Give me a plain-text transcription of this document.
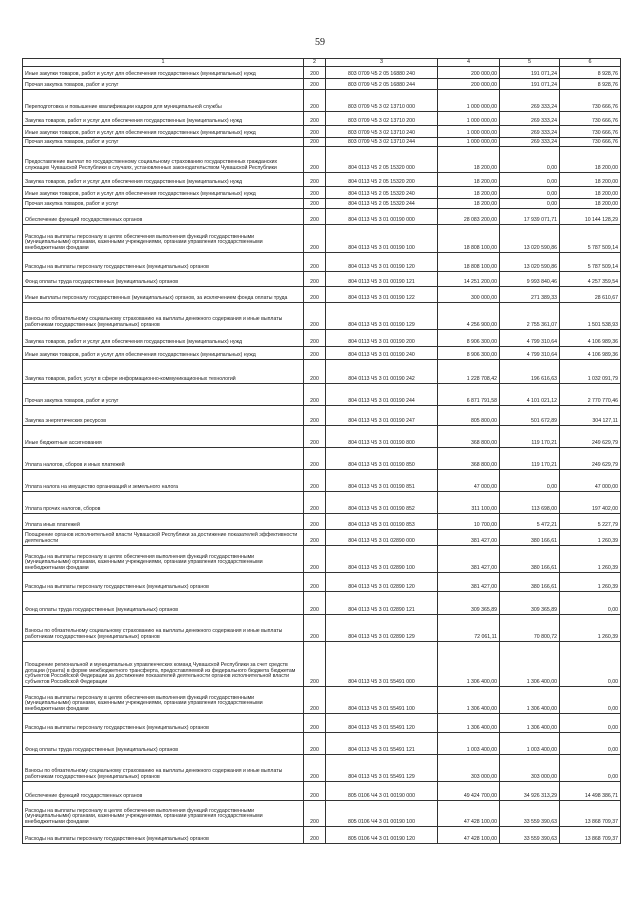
59
1	2	3	4	5	6
Иные закупки товаров, работ и услуг для обеспечения государственных (муниципальных) нужд	200	803 0709 Ч5 2 05 16880 240	200 000,00	191 071,24	8 928,76
Прочая закупка товаров, работ и услуг	200	803 0709 Ч5 2 05 16880 244	200 000,00	191 071,24	8 928,76
Переподготовка и повышение квалификации кадров для муниципальной службы	200	803 0709 Ч5 3 02 13710 000	1 000 000,00	269 333,24	730 666,76
Закупка товаров, работ и услуг для обеспечения государственных (муниципальных) нужд	200	803 0709 Ч5 3 02 13710 200	1 000 000,00	269 333,24	730 666,76
Иные закупки товаров, работ и услуг для обеспечения государственных (муниципальных) нужд	200	803 0709 Ч5 3 02 13710 240	1 000 000,00	269 333,24	730 666,76
Прочая закупка товаров, работ и услуг	200	803 0709 Ч5 3 02 13710 244	1 000 000,00	269 333,24	730 666,76
Предоставление выплат по государственному социальному страхованию государственных гражданских служащих Чувашской Республики в случаях, установленных законодательством Чувашской Республики	200	804 0113 Ч5 2 05 15320 000	18 200,00	0,00	18 200,00
Закупка товаров, работ и услуг для обеспечения государственных (муниципальных) нужд	200	804 0113 Ч5 2 05 15320 200	18 200,00	0,00	18 200,00
Иные закупки товаров, работ и услуг для обеспечения государственных (муниципальных) нужд	200	804 0113 Ч5 2 05 15320 240	18 200,00	0,00	18 200,00
Прочая закупка товаров, работ и услуг	200	804 0113 Ч5 2 05 15320 244	18 200,00	0,00	18 200,00
Обеспечение функций государственных органов	200	804 0113 Ч5 3 01 00190 000	28 083 200,00	17 939 071,71	10 144 128,29
Расходы на выплаты персоналу в целях обеспечения выполнения функций государственными (муниципальными) органами, казенными учреждениями, органами управления государственными внебюджетными фондами	200	804 0113 Ч5 3 01 00190 100	18 808 100,00	13 020 590,86	5 787 509,14
Расходы на выплаты персоналу государственных (муниципальных) органов	200	804 0113 Ч5 3 01 00190 120	18 808 100,00	13 020 590,86	5 787 509,14
Фонд оплаты труда государственных (муниципальных) органов	200	804 0113 Ч5 3 01 00190 121	14 251 200,00	9 993 840,46	4 257 359,54
Иные выплаты персоналу государственных (муниципальных) органов, за исключением фонда оплаты труда	200	804 0113 Ч5 3 01 00190 122	300 000,00	271 389,33	28 610,67
Взносы по обязательному социальному страхованию на выплаты денежного содержания и иные выплаты работникам государственных (муниципальных) органов	200	804 0113 Ч5 3 01 00190 129	4 256 900,00	2 755 361,07	1 501 538,93
Закупка товаров, работ и услуг для обеспечения государственных (муниципальных) нужд	200	804 0113 Ч5 3 01 00190 200	8 906 300,00	4 799 310,64	4 106 989,36
Иные закупки товаров, работ и услуг для обеспечения государственных (муниципальных) нужд	200	804 0113 Ч5 3 01 00190 240	8 906 300,00	4 799 310,64	4 106 989,36
Закупка товаров, работ, услуг в сфере информационно-коммуникационных технологий	200	804 0113 Ч5 3 01 00190 242	1 228 708,42	196 616,63	1 032 091,79
Прочая закупка товаров, работ и услуг	200	804 0113 Ч5 3 01 00190 244	6 871 791,58	4 101 021,12	2 770 770,46
Закупка энергетических ресурсов	200	804 0113 Ч5 3 01 00190 247	805 800,00	501 672,89	304 127,11
Иные бюджетные ассигнования	200	804 0113 Ч5 3 01 00190 800	368 800,00	119 170,21	249 629,79
Уплата налогов, сборов и иных платежей	200	804 0113 Ч5 3 01 00190 850	368 800,00	119 170,21	249 629,79
Уплата налога на имущество организаций и земельного налога	200	804 0113 Ч5 3 01 00190 851	47 000,00	0,00	47 000,00
Уплата прочих налогов, сборов	200	804 0113 Ч5 3 01 00190 852	311 100,00	113 698,00	197 402,00
Уплата иных платежей	200	804 0113 Ч5 3 01 00190 853	10 700,00	5 472,21	5 227,79
Поощрение органов исполнительной власти Чувашской Республики за достижение показателей эффективности деятельности	200	804 0113 Ч5 3 01 02890 000	381 427,00	380 166,61	1 260,39
Расходы на выплаты персоналу в целях обеспечения выполнения функций государственными (муниципальными) органами, казенными учреждениями, органами управления государственными внебюджетными фондами	200	804 0113 Ч5 3 01 02890 100	381 427,00	380 166,61	1 260,39
Расходы на выплаты персоналу государственных (муниципальных) органов	200	804 0113 Ч5 3 01 02890 120	381 427,00	380 166,61	1 260,39
Фонд оплаты труда государственных (муниципальных) органов	200	804 0113 Ч5 3 01 02890 121	309 365,89	309 365,89	0,00
Взносы по обязательному социальному страхованию на выплаты денежного содержания и иные выплаты работникам государственных (муниципальных) органов	200	804 0113 Ч5 3 01 02890 129	72 061,11	70 800,72	1 260,39
Поощрение региональной и муниципальных управленческих команд Чувашской Республики за счет средств дотации (гранта) в форме межбюджетного трансферта, предоставляемой из федерального бюджета бюджетам субъектов Российской Федерации за достижение показателей деятельности органов исполнительной власти субъектов Российской Федерации	200	804 0113 Ч5 3 01 55491 000	1 306 400,00	1 306 400,00	0,00
Расходы на выплаты персоналу в целях обеспечения выполнения функций государственными (муниципальными) органами, казенными учреждениями, органами управления государственными внебюджетными фондами	200	804 0113 Ч5 3 01 55491 100	1 306 400,00	1 306 400,00	0,00
Расходы на выплаты персоналу государственных (муниципальных) органов	200	804 0113 Ч5 3 01 55491 120	1 306 400,00	1 306 400,00	0,00
Фонд оплаты труда государственных (муниципальных) органов	200	804 0113 Ч5 3 01 55491 121	1 003 400,00	1 003 400,00	0,00
Взносы по обязательному социальному страхованию на выплаты денежного содержания и иные выплаты работникам государственных (муниципальных) органов	200	804 0113 Ч5 3 01 55491 129	303 000,00	303 000,00	0,00
Обеспечение функций государственных органов	200	805 0106 Ч4 3 01 00190 000	49 424 700,00	34 926 313,29	14 498 386,71
Расходы на выплаты персоналу в целях обеспечения выполнения функций государственными (муниципальными) органами, казенными учреждениями, органами управления государственными внебюджетными фондами	200	805 0106 Ч4 3 01 00190 100	47 428 100,00	33 559 390,63	13 868 709,37
Расходы на выплаты персоналу государственных (муниципальных) органов	200	805 0106 Ч4 3 01 00190 120	47 428 100,00	33 559 390,63	13 868 709,37
